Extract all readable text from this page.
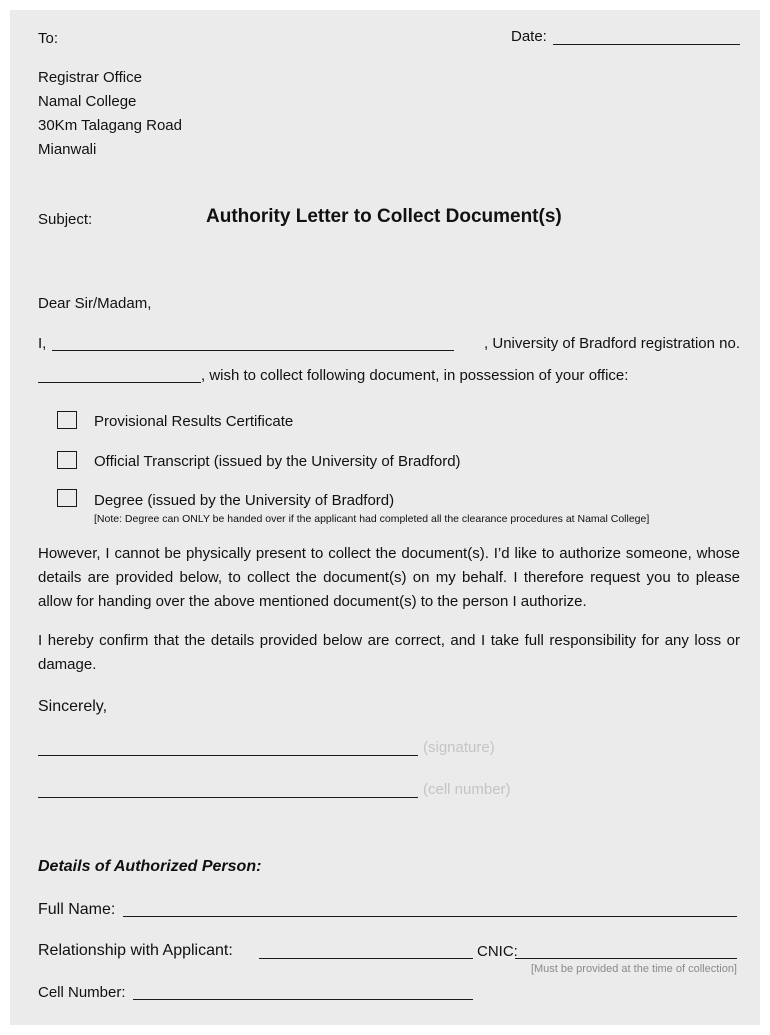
To:	Date:
Registrar Office
Namal College
30Km Talagang Road
Mianwali
Subject:	Authority Letter to Collect Document(s)
Dear Sir/Madam,
I,	, University of Bradford registration no.
, wish to collect following document, in possession of your office:
Provisional Results Certificate
Official Transcript (issued by the University of Bradford)
Degree (issued by the University of Bradford)
[Note: Degree can ONLY be handed over if the applicant had completed all the clearance procedures at Namal College]
However, I cannot be physically present to collect the document(s). I’d like to authorize someone, whose details are provided below, to collect the document(s) on my behalf. I therefore request you to please allow for handing over the above mentioned document(s) to the person I authorize.
I hereby confirm that the details provided below are correct, and I take full responsibility for any loss or damage.
Sincerely,
(signature)
(cell number)
Details of Authorized Person:
Full Name:
Relationship with Applicant:	CNIC:
[Must be provided at the time of collection]
Cell Number:
